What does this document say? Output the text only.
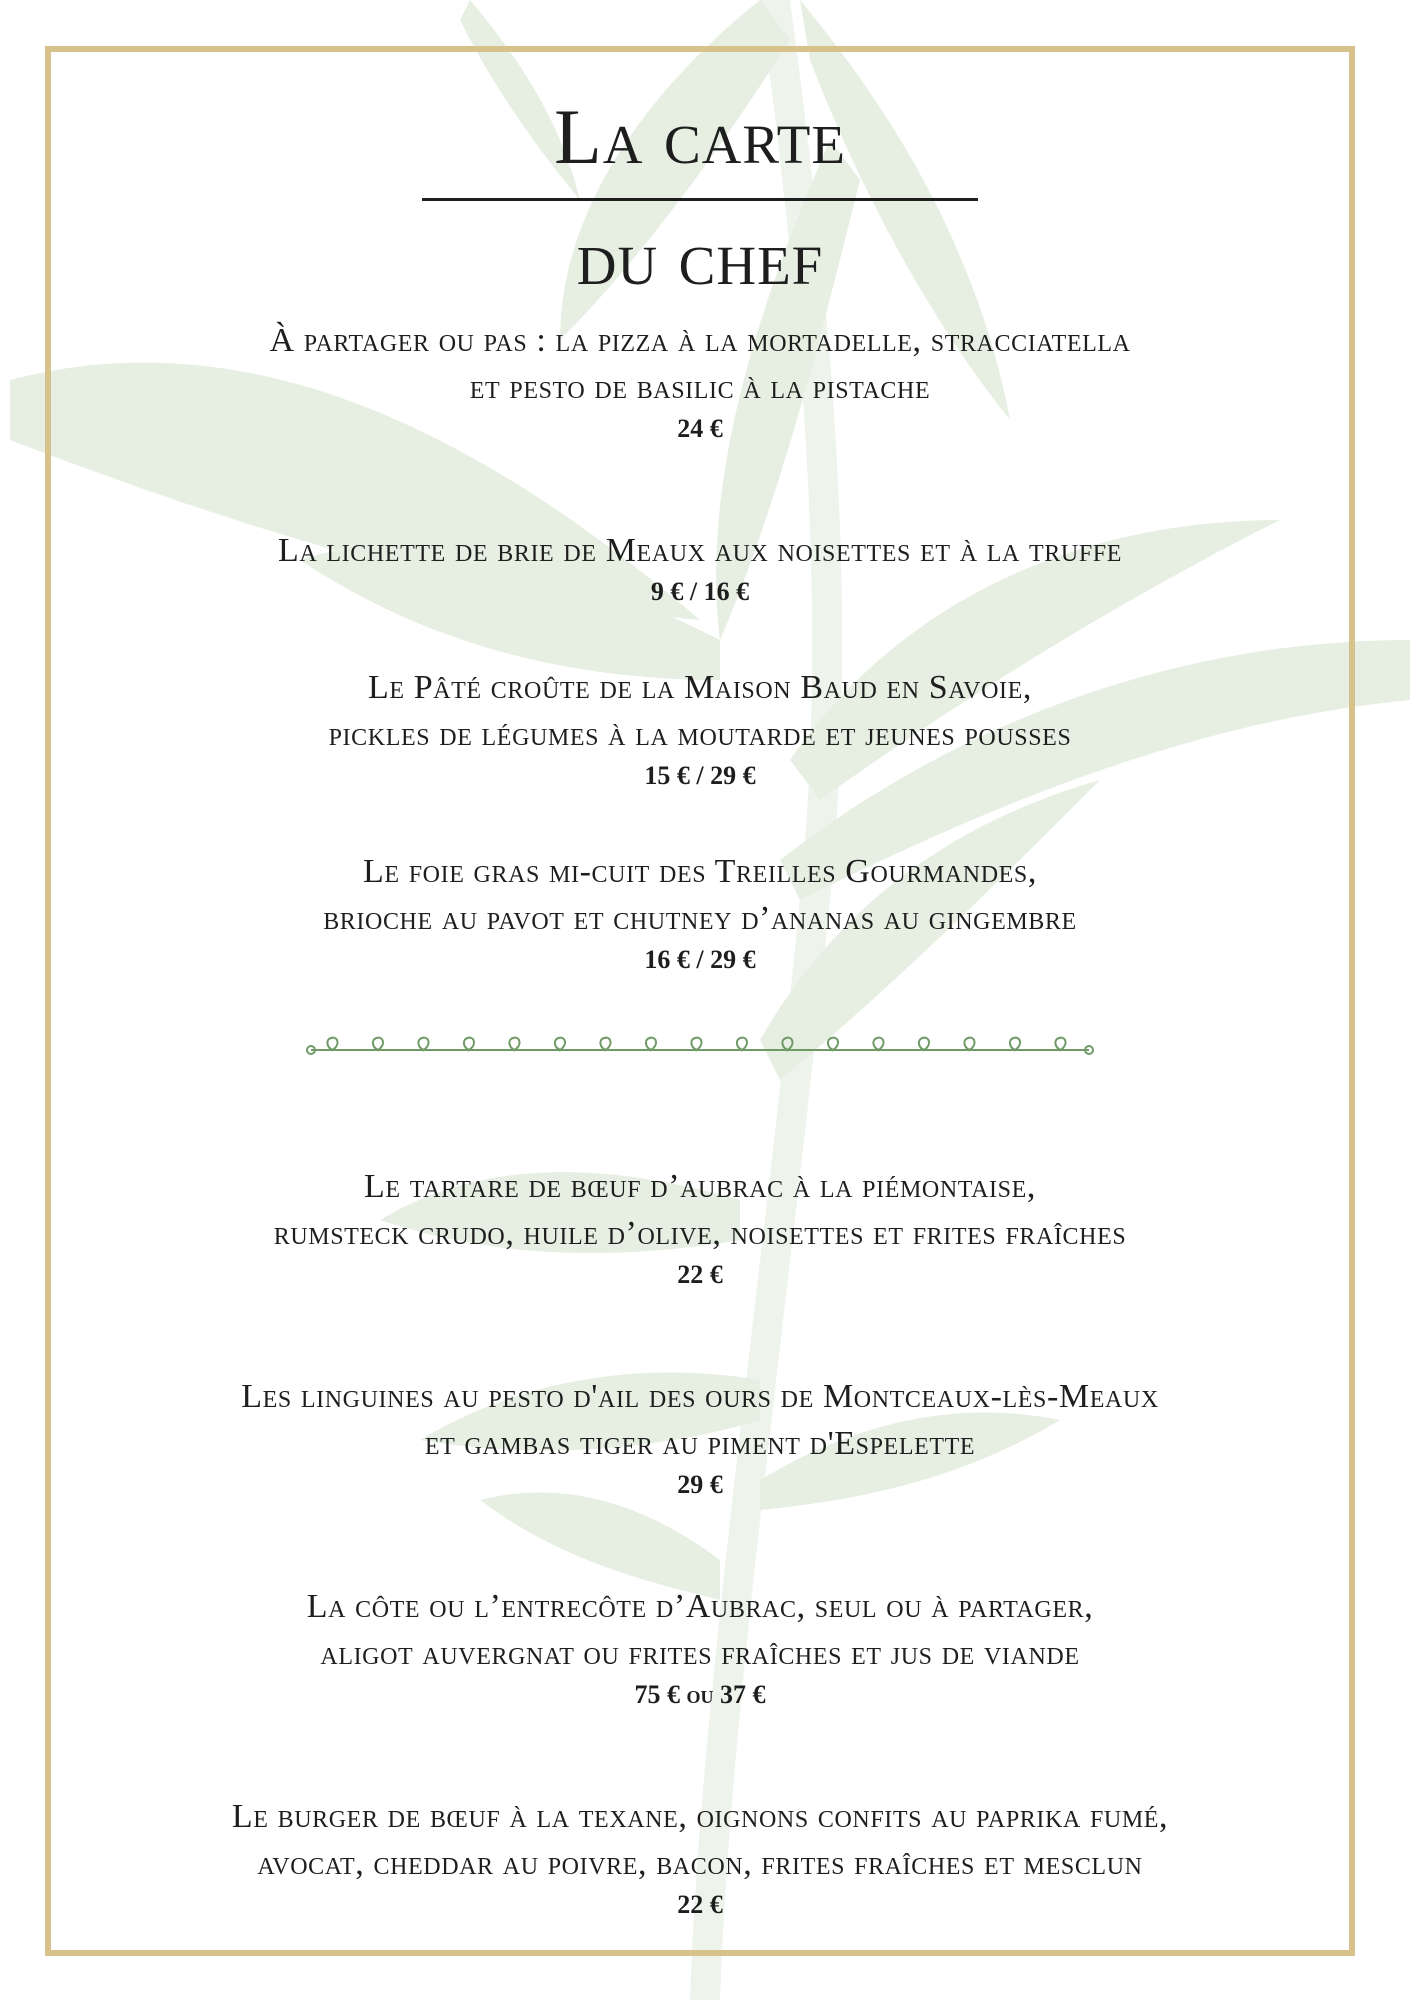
La carte
du chef
À partager ou pas : la pizza à la mortadelle, stracciatella
et pesto de basilic à la pistache
24 €
La lichette de brie de Meaux aux noisettes et à la truffe
9 € / 16 €
Le Pâté croûte de la Maison Baud en Savoie,
pickles de légumes à la moutarde et jeunes pousses
15 € / 29 €
Le foie gras mi-cuit des Treilles Gourmandes,
brioche au pavot et chutney d’ananas au gingembre
16 € / 29 €
Le tartare de bœuf d’aubrac à la piémontaise,
rumsteck crudo, huile d’olive, noisettes et frites fraîches
22 €
Les linguines au pesto d'ail des ours de Montceaux-lès-Meaux
et gambas tiger au piment d'Espelette
29 €
La côte ou l’entrecôte d’Aubrac, seul ou à partager,
aligot auvergnat ou frites fraîches et jus de viande
75 € ou 37 €
Le burger de bœuf à la texane, oignons confits au paprika fumé,
avocat, cheddar au poivre, bacon, frites fraîches et mesclun
22 €
